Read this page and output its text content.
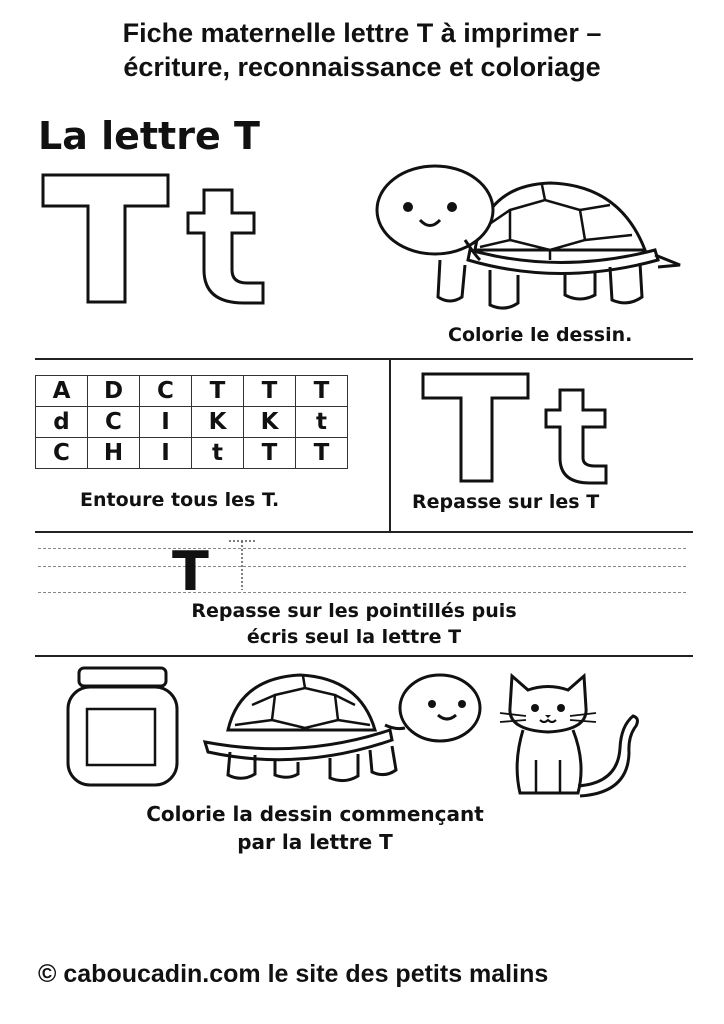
Fiche maternelle lettre T à imprimer –
écriture, reconnaissance et coloriage
La lettre T
Colorie le dessin.
A	D	C	T	T	T
d	C	I	K	K	t
C	H	I	t	T	T
Entoure tous les T.	Repasse sur les T
T
Repasse sur les pointillés puis
écris seul la lettre T
Colorie la dessin commençant
par la lettre T
© caboucadin.com le site des petits malins
